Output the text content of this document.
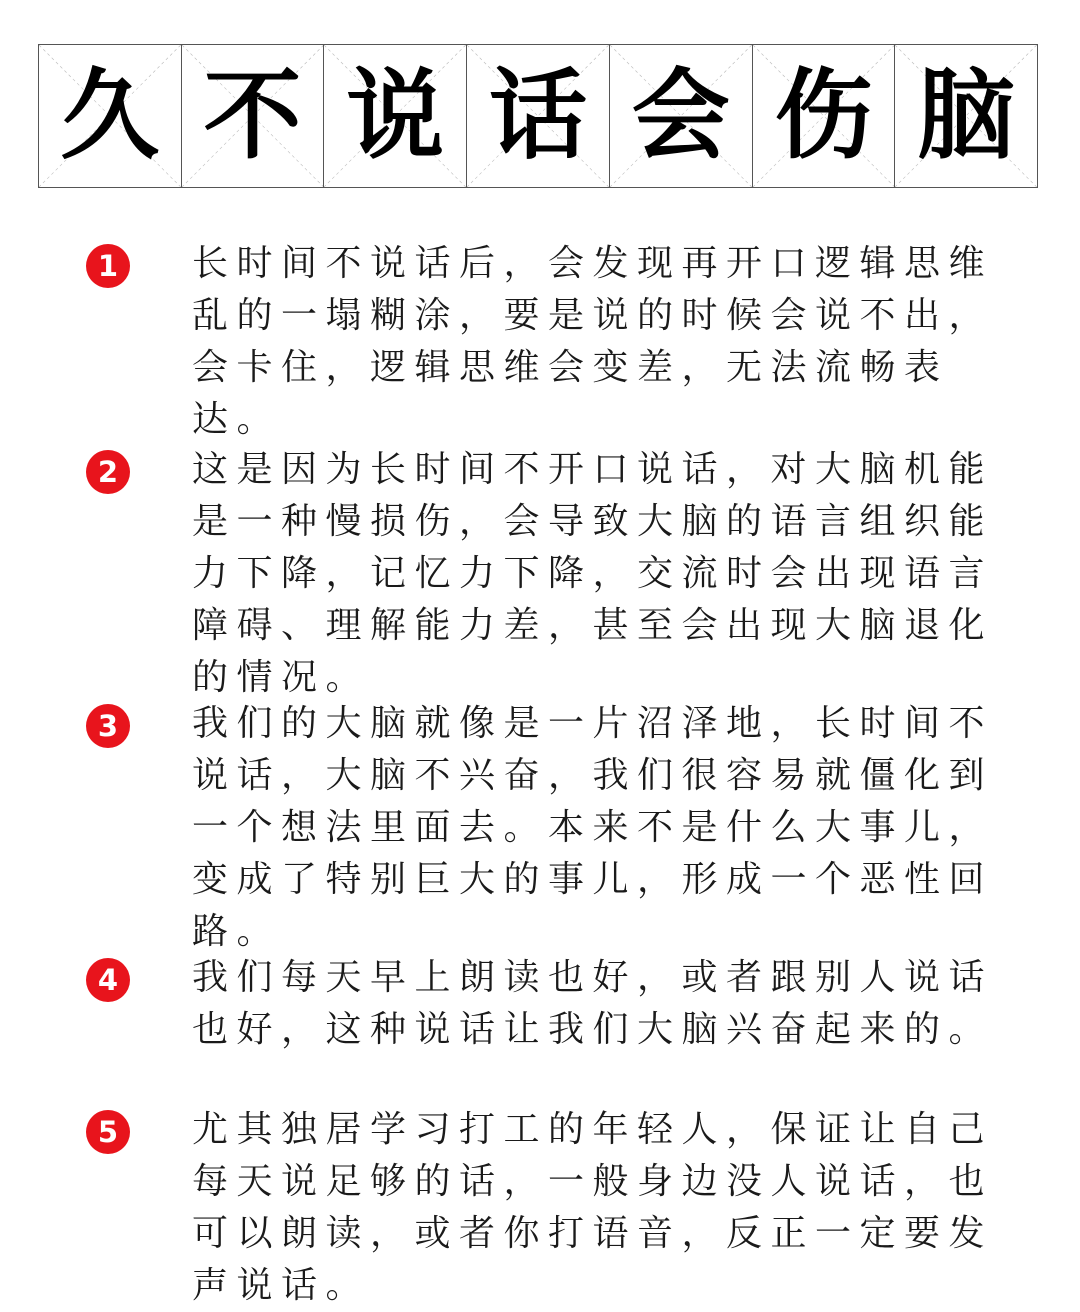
久 不 说 话 会 伤 脑
1	长时间不说话后，会发现再开口逻辑思维乱的一塌糊涂，要是说的时候会说不出，会卡住，逻辑思维会变差，无法流畅表达。

2	这是因为长时间不开口说话，对大脑机能是一种慢损伤，会导致大脑的语言组织能力下降，记忆力下降，交流时会出现语言障碍、理解能力差，甚至会出现大脑退化的情况。

3	我们的大脑就像是一片沼泽地，长时间不说话，大脑不兴奋，我们很容易就僵化到一个想法里面去。本来不是什么大事儿，变成了特别巨大的事儿，形成一个恶性回路。

4	我们每天早上朗读也好，或者跟别人说话也好，这种说话让我们大脑兴奋起来的。

5	尤其独居学习打工的年轻人，保证让自己每天说足够的话，一般身边没人说话，也可以朗读，或者你打语音，反正一定要发声说话。
